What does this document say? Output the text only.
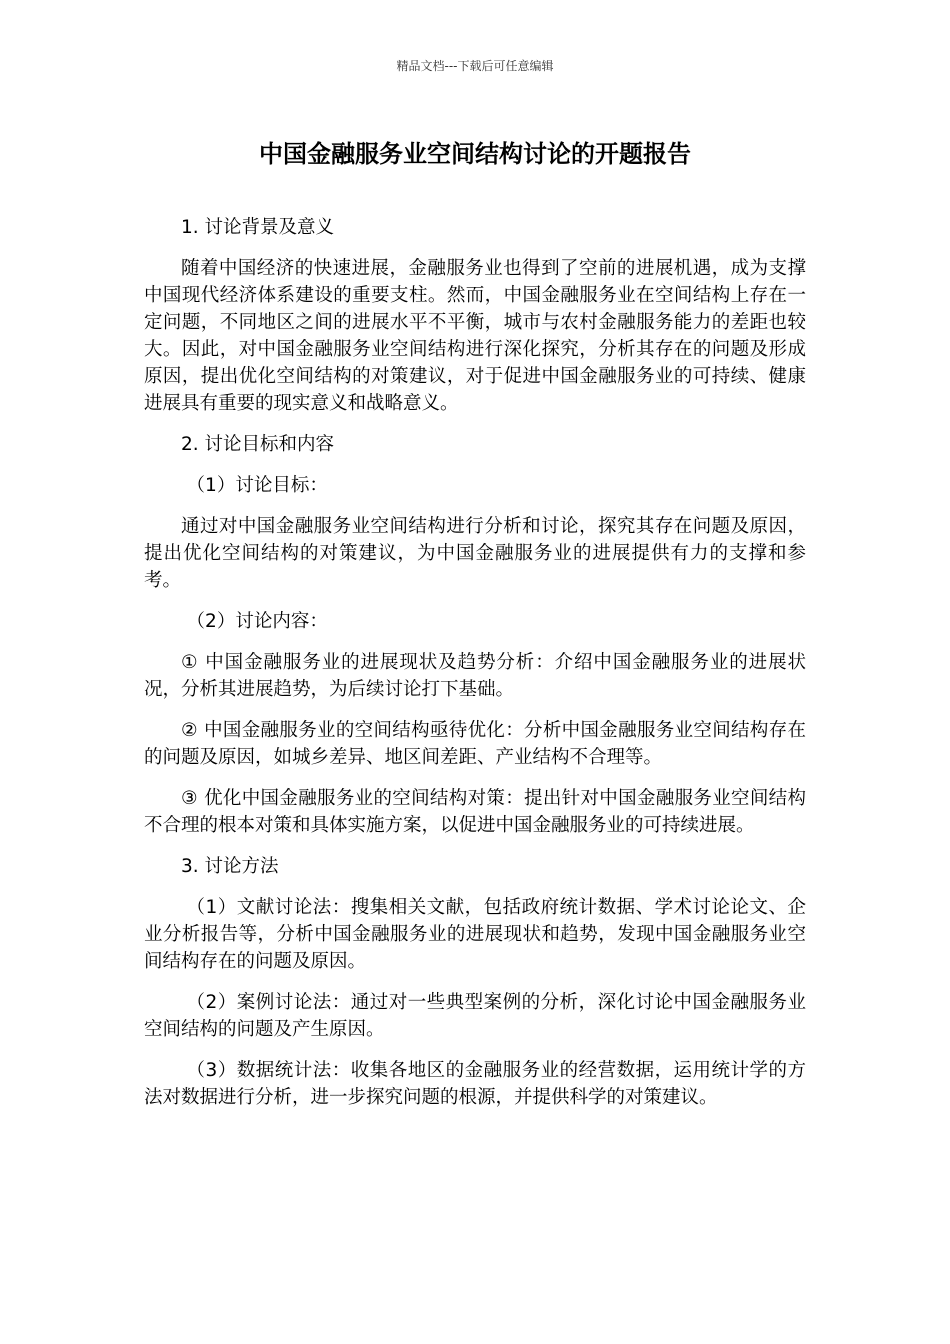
精品文档---下载后可任意编辑
中国金融服务业空间结构讨论的开题报告

1. 讨论背景及意义

随着中国经济的快速进展，金融服务业也得到了空前的进展机遇，成为支撑中国现代经济体系建设的重要支柱。然而，中国金融服务业在空间结构上存在一定问题，不同地区之间的进展水平不平衡，城市与农村金融服务能力的差距也较大。因此，对中国金融服务业空间结构进行深化探究，分析其存在的问题及形成原因，提出优化空间结构的对策建议，对于促进中国金融服务业的可持续、健康进展具有重要的现实意义和战略意义。

2. 讨论目标和内容

（1）讨论目标：

通过对中国金融服务业空间结构进行分析和讨论，探究其存在问题及原因，提出优化空间结构的对策建议，为中国金融服务业的进展提供有力的支撑和参考。

（2）讨论内容：

① 中国金融服务业的进展现状及趋势分析：介绍中国金融服务业的进展状况，分析其进展趋势，为后续讨论打下基础。

② 中国金融服务业的空间结构亟待优化：分析中国金融服务业空间结构存在的问题及原因，如城乡差异、地区间差距、产业结构不合理等。

③ 优化中国金融服务业的空间结构对策：提出针对中国金融服务业空间结构不合理的根本对策和具体实施方案，以促进中国金融服务业的可持续进展。

3. 讨论方法

（1）文献讨论法：搜集相关文献，包括政府统计数据、学术讨论论文、企业分析报告等，分析中国金融服务业的进展现状和趋势，发现中国金融服务业空间结构存在的问题及原因。

（2）案例讨论法：通过对一些典型案例的分析，深化讨论中国金融服务业空间结构的问题及产生原因。

（3）数据统计法：收集各地区的金融服务业的经营数据，运用统计学的方法对数据进行分析，进一步探究问题的根源，并提供科学的对策建议。
